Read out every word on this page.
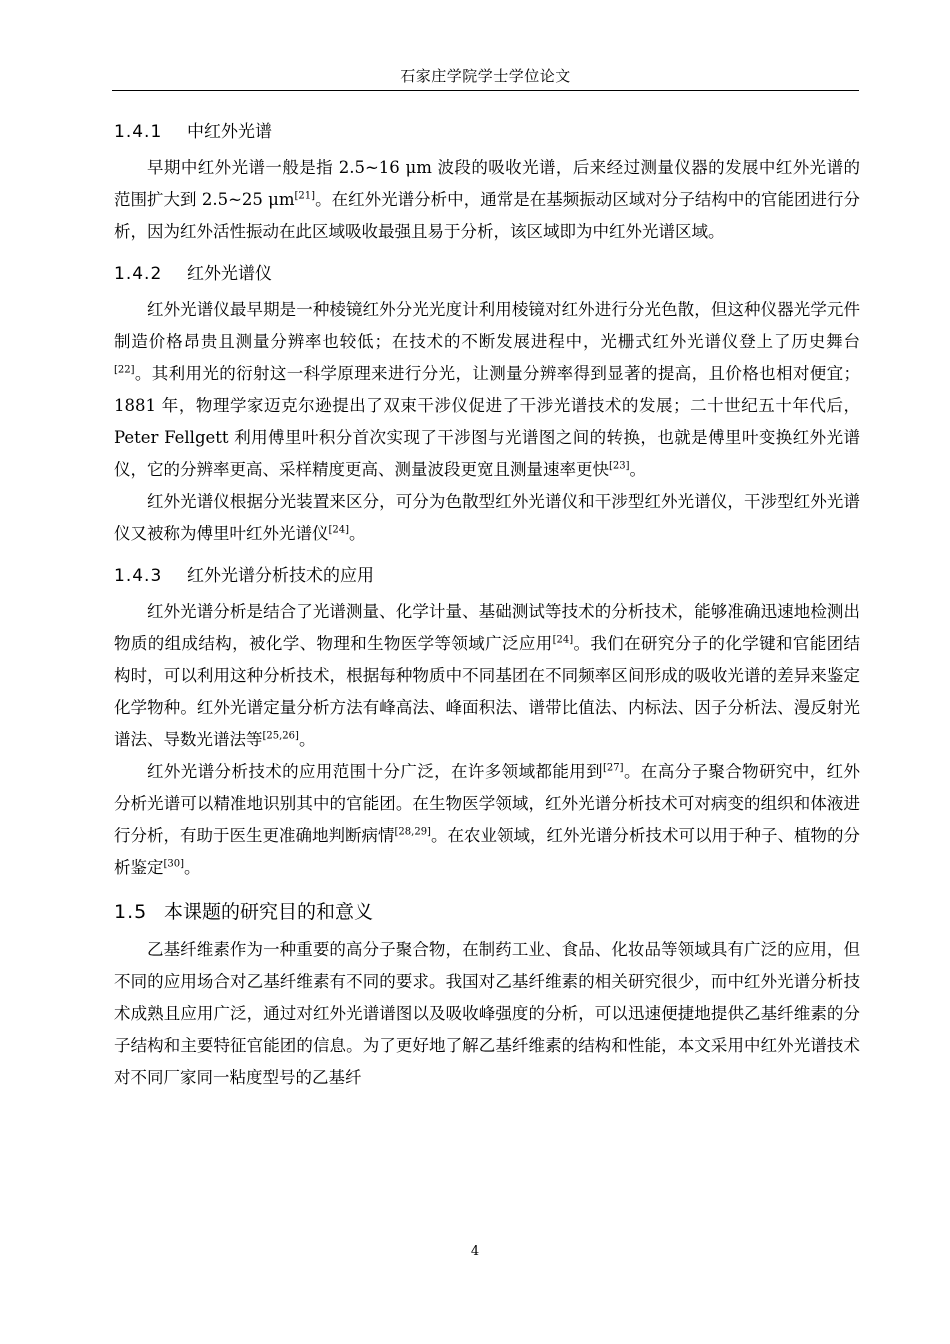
石家庄学院学士学位论文
1.4.1 中红外光谱

早期中红外光谱一般是指 2.5~16 μm 波段的吸收光谱，后来经过测量仪器的发展中红外光谱的范围扩大到 2.5~25 μm[21]。在红外光谱分析中，通常是在基频振动区域对分子结构中的官能团进行分析，因为红外活性振动在此区域吸收最强且易于分析，该区域即为中红外光谱区域。

1.4.2 红外光谱仪

红外光谱仪最早期是一种棱镜红外分光光度计利用棱镜对红外进行分光色散，但这种仪器光学元件制造价格昂贵且测量分辨率也较低；在技术的不断发展进程中，光栅式红外光谱仪登上了历史舞台[22]。其利用光的衍射这一科学原理来进行分光，让测量分辨率得到显著的提高，且价格也相对便宜；1881 年，物理学家迈克尔逊提出了双束干涉仪促进了干涉光谱技术的发展；二十世纪五十年代后，Peter Fellgett 利用傅里叶积分首次实现了干涉图与光谱图之间的转换，也就是傅里叶变换红外光谱仪，它的分辨率更高、采样精度更高、测量波段更宽且测量速率更快[23]。

红外光谱仪根据分光装置来区分，可分为色散型红外光谱仪和干涉型红外光谱仪，干涉型红外光谱仪又被称为傅里叶红外光谱仪[24]。

1.4.3 红外光谱分析技术的应用

红外光谱分析是结合了光谱测量、化学计量、基础测试等技术的分析技术，能够准确迅速地检测出物质的组成结构，被化学、物理和生物医学等领域广泛应用[24]。我们在研究分子的化学键和官能团结构时，可以利用这种分析技术，根据每种物质中不同基团在不同频率区间形成的吸收光谱的差异来鉴定化学物种。红外光谱定量分析方法有峰高法、峰面积法、谱带比值法、内标法、因子分析法、漫反射光谱法、导数光谱法等[25,26]。

红外光谱分析技术的应用范围十分广泛，在许多领域都能用到[27]。在高分子聚合物研究中，红外分析光谱可以精准地识别其中的官能团。在生物医学领域，红外光谱分析技术可对病变的组织和体液进行分析，有助于医生更准确地判断病情[28,29]。在农业领域，红外光谱分析技术可以用于种子、植物的分析鉴定[30]。

1.5 本课题的研究目的和意义

乙基纤维素作为一种重要的高分子聚合物，在制药工业、食品、化妆品等领域具有广泛的应用，但不同的应用场合对乙基纤维素有不同的要求。我国对乙基纤维素的相关研究很少，而中红外光谱分析技术成熟且应用广泛，通过对红外光谱谱图以及吸收峰强度的分析，可以迅速便捷地提供乙基纤维素的分子结构和主要特征官能团的信息。为了更好地了解乙基纤维素的结构和性能，本文采用中红外光谱技术对不同厂家同一粘度型号的乙基纤

4
